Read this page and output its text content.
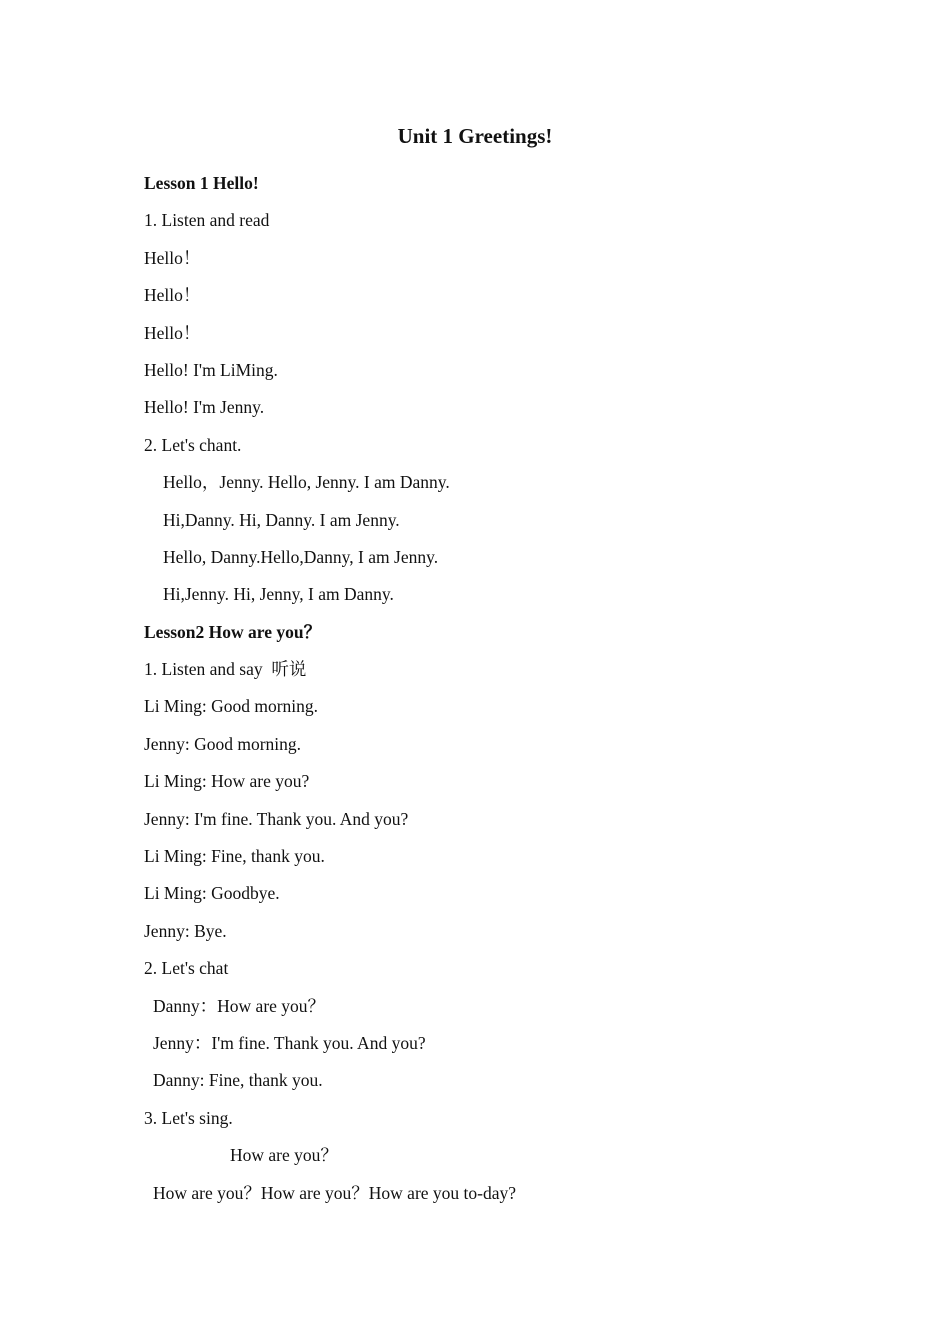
Unit 1 Greetings!
Lesson 1 Hello!
1. Listen and read
Hello！
Hello！
Hello！
Hello! I'm LiMing.
Hello! I'm Jenny.
2. Let's chant.
Hello，Jenny. Hello, Jenny. I am Danny.
Hi,Danny. Hi, Danny. I am Jenny.
Hello, Danny.Hello,Danny, I am Jenny.
Hi,Jenny. Hi, Jenny, I am Danny.
Lesson2 How are you？
1. Listen and say  听说
Li Ming: Good morning.
Jenny: Good morning.
Li Ming: How are you?
Jenny: I'm fine. Thank you. And you?
Li Ming: Fine, thank you.
Li Ming: Goodbye.
Jenny: Bye.
2. Let's chat
Danny：How are you？
Jenny：I'm fine. Thank you. And you?
Danny: Fine, thank you.
3. Let's sing.
How are you？
How are you？How are you？How are you to-day?
